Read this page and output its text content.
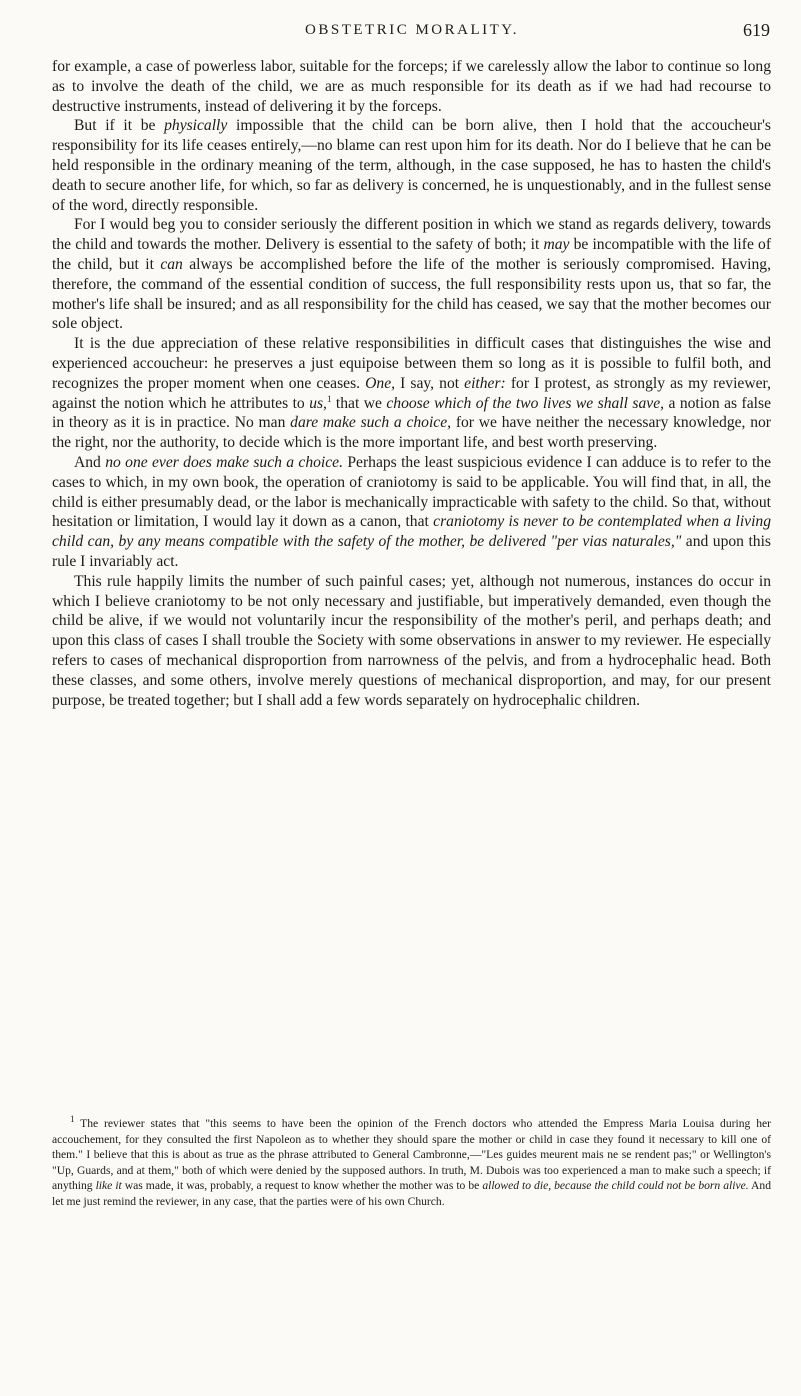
OBSTETRIC MORALITY.	619

for example, a case of powerless labor, suitable for the forceps; if we carelessly allow the labor to continue so long as to involve the death of the child, we are as much responsible for its death as if we had had recourse to destructive instruments, instead of delivering it by the forceps.

But if it be physically impossible that the child can be born alive, then I hold that the accoucheur's responsibility for its life ceases entirely,—no blame can rest upon him for its death. Nor do I believe that he can be held responsible in the ordinary meaning of the term, although, in the case supposed, he has to hasten the child's death to secure another life, for which, so far as delivery is concerned, he is unquestionably, and in the fullest sense of the word, directly responsible.

For I would beg you to consider seriously the different position in which we stand as regards delivery, towards the child and towards the mother. Delivery is essential to the safety of both; it may be incompatible with the life of the child, but it can always be accomplished before the life of the mother is seriously compromised. Having, therefore, the command of the essential condition of success, the full responsibility rests upon us, that so far, the mother's life shall be insured; and as all responsibility for the child has ceased, we say that the mother becomes our sole object.

It is the due appreciation of these relative responsibilities in difficult cases that distinguishes the wise and experienced accoucheur: he preserves a just equipoise between them so long as it is possible to fulfil both, and recognizes the proper moment when one ceases. One, I say, not either: for I protest, as strongly as my reviewer, against the notion which he attributes to us,$^1$ that we choose which of the two lives we shall save, a notion as false in theory as it is in practice. No man dare make such a choice, for we have neither the necessary knowledge, nor the right, nor the authority, to decide which is the more important life, and best worth preserving.

And no one ever does make such a choice. Perhaps the least suspicious evidence I can adduce is to refer to the cases to which, in my own book, the operation of craniotomy is said to be applicable. You will find that, in all, the child is either presumably dead, or the labor is mechanically impracticable with safety to the child. So that, without hesitation or limitation, I would lay it down as a canon, that craniotomy is never to be contemplated when a living child can, by any means compatible with the safety of the mother, be delivered "per vias naturales," and upon this rule I invariably act.

This rule happily limits the number of such painful cases; yet, although not numerous, instances do occur in which I believe craniotomy to be not only necessary and justifiable, but imperatively demanded, even though the child be alive, if we would not voluntarily incur the responsibility of the mother's peril, and perhaps death; and upon this class of cases I shall trouble the Society with some observations in answer to my reviewer. He especially refers to cases of mechanical disproportion from narrowness of the pelvis, and from a hydrocephalic head. Both these classes, and some others, involve merely questions of mechanical disproportion, and may, for our present purpose, be treated together; but I shall add a few words separately on hydrocephalic children.

$^1$ The reviewer states that "this seems to have been the opinion of the French doctors who attended the Empress Maria Louisa during her accouchement, for they consulted the first Napoleon as to whether they should spare the mother or child in case they found it necessary to kill one of them." I believe that this is about as true as the phrase attributed to General Cambronne,—"Les guides meurent mais ne se rendent pas;" or Wellington's "Up, Guards, and at them," both of which were denied by the supposed authors. In truth, M. Dubois was too experienced a man to make such a speech; if anything like it was made, it was, probably, a request to know whether the mother was to be allowed to die, because the child could not be born alive. And let me just remind the reviewer, in any case, that the parties were of his own Church.
